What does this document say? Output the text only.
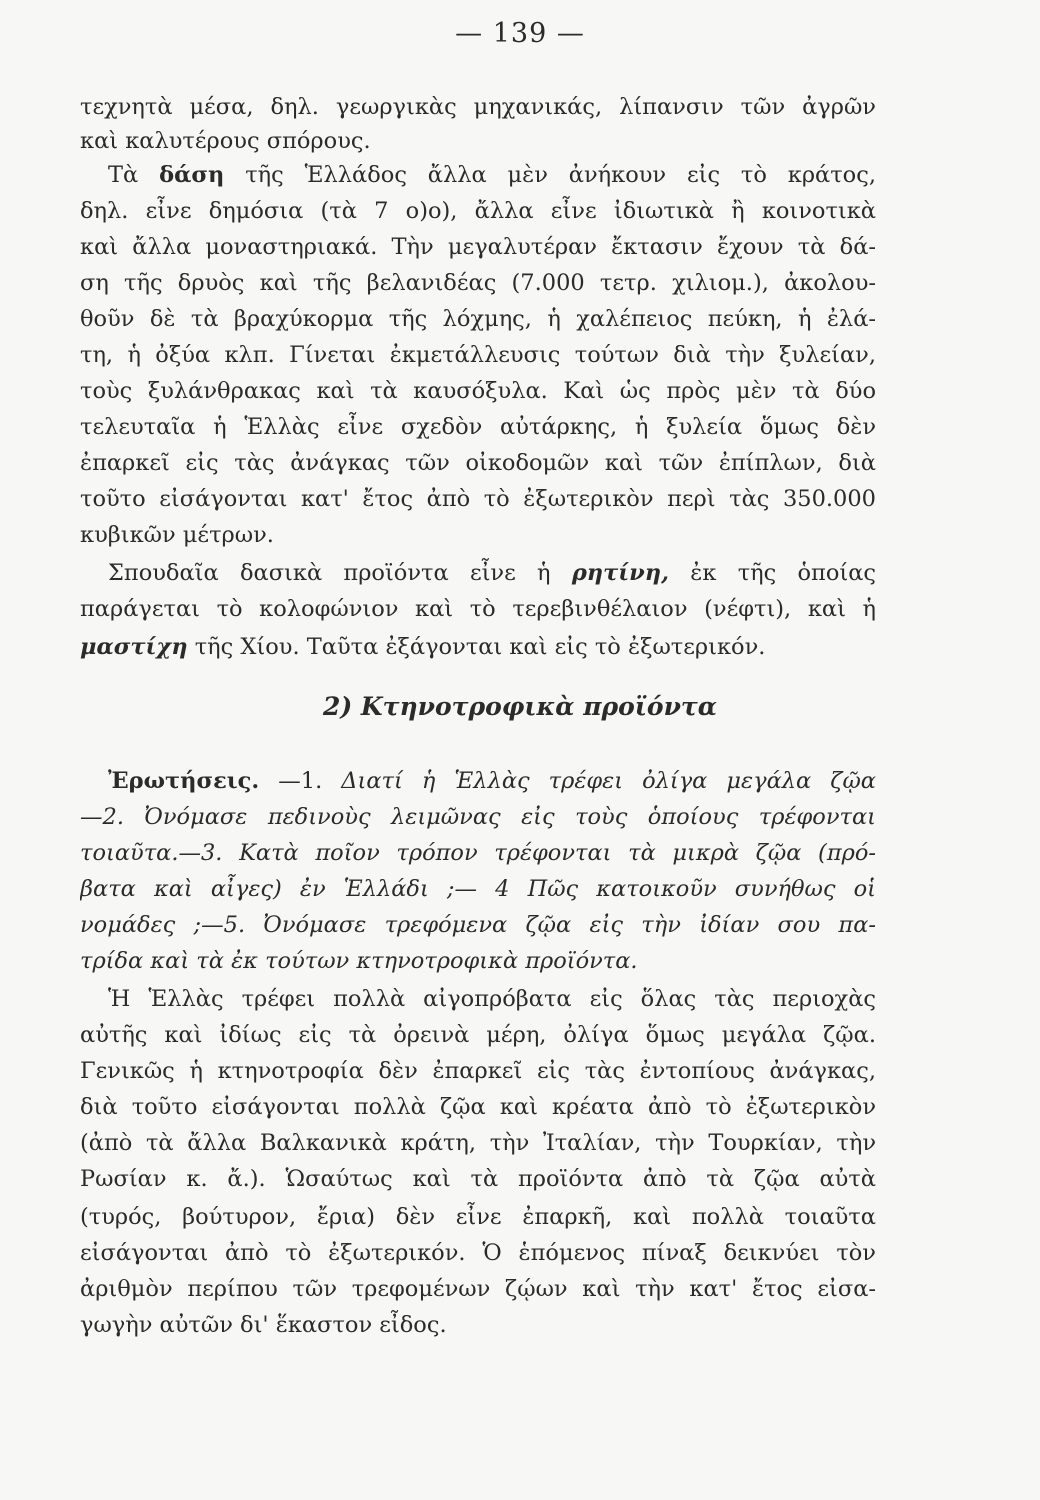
— 139 —
τεχνητὰ μέσα, δηλ. γεωργικὰς μηχανικάς, λίπανσιν τῶν ἀγρῶν
καὶ καλυτέρους σπόρους.
Τὰ δάση τῆς Ἑλλάδος ἄλλα μὲν ἀνήκουν εἰς τὸ κράτος,
δηλ. εἶνε δημόσια (τὰ 7 ο)ο), ἄλλα εἶνε ἰδιωτικὰ ἢ κοινοτικὰ
καὶ ἄλλα μοναστηριακά. Τὴν μεγαλυτέραν ἔκτασιν ἔχουν τὰ δά-
ση τῆς δρυὸς καὶ τῆς βελανιδέας (7.000 τετρ. χιλιομ.), ἀκολου-
θοῦν δὲ τὰ βραχύκορμα τῆς λόχμης, ἡ χαλέπειος πεύκη, ἡ ἐλά-
τη, ἡ ὀξύα κλπ. Γίνεται ἐκμετάλλευσις τούτων διὰ τὴν ξυλείαν,
τοὺς ξυλάνθρακας καὶ τὰ καυσόξυλα. Καὶ ὡς πρὸς μὲν τὰ δύο
τελευταῖα ἡ Ἑλλὰς εἶνε σχεδὸν αὐτάρκης, ἡ ξυλεία ὅμως δὲν
ἐπαρκεῖ εἰς τὰς ἀνάγκας τῶν οἰκοδομῶν καὶ τῶν ἐπίπλων, διὰ
τοῦτο εἰσάγονται κατ' ἔτος ἀπὸ τὸ ἐξωτερικὸν περὶ τὰς 350.000
κυβικῶν μέτρων.
Σπουδαῖα δασικὰ προϊόντα εἶνε ἡ ρητίνη, ἐκ τῆς ὁποίας
παράγεται τὸ κολοφώνιον καὶ τὸ τερεβινθέλαιον (νέφτι), καὶ ἡ
μαστίχη τῆς Χίου. Ταῦτα ἐξάγονται καὶ εἰς τὸ ἐξωτερικόν.
2) Κτηνοτροφικὰ προϊόντα
Ἐρωτήσεις. —1. Διατί ἡ Ἑλλὰς τρέφει ὀλίγα μεγάλα ζῷα
—2. Ὀνόμασε πεδινοὺς λειμῶνας εἰς τοὺς ὁποίους τρέφονται
τοιαῦτα.—3. Κατὰ ποῖον τρόπον τρέφονται τὰ μικρὰ ζῷα (πρό-
βατα καὶ αἶγες) ἐν Ἑλλάδι ;— 4 Πῶς κατοικοῦν συνήθως οἱ
νομάδες ;—5. Ὀνόμασε τρεφόμενα ζῷα εἰς τὴν ἰδίαν σου πα-
τρίδα καὶ τὰ ἐκ τούτων κτηνοτροφικὰ προϊόντα.
Ἡ Ἑλλὰς τρέφει πολλὰ αἰγοπρόβατα εἰς ὅλας τὰς περιοχὰς
αὐτῆς καὶ ἰδίως εἰς τὰ ὀρεινὰ μέρη, ὀλίγα ὅμως μεγάλα ζῷα.
Γενικῶς ἡ κτηνοτροφία δὲν ἐπαρκεῖ εἰς τὰς ἐντοπίους ἀνάγκας,
διὰ τοῦτο εἰσάγονται πολλὰ ζῷα καὶ κρέατα ἀπὸ τὸ ἐξωτερικὸν
(ἀπὸ τὰ ἄλλα Βαλκανικὰ κράτη, τὴν Ἰταλίαν, τὴν Τουρκίαν, τὴν
Ρωσίαν κ. ἄ.). Ὡσαύτως καὶ τὰ προϊόντα ἀπὸ τὰ ζῷα αὐτὰ
(τυρός, βούτυρον, ἔρια) δὲν εἶνε ἐπαρκῆ, καὶ πολλὰ τοιαῦτα
εἰσάγονται ἀπὸ τὸ ἐξωτερικόν. Ὁ ἑπόμενος πίναξ δεικνύει τὸν
ἀριθμὸν περίπου τῶν τρεφομένων ζῴων καὶ τὴν κατ' ἔτος εἰσα-
γωγὴν αὐτῶν δι' ἕκαστον εἶδος.
